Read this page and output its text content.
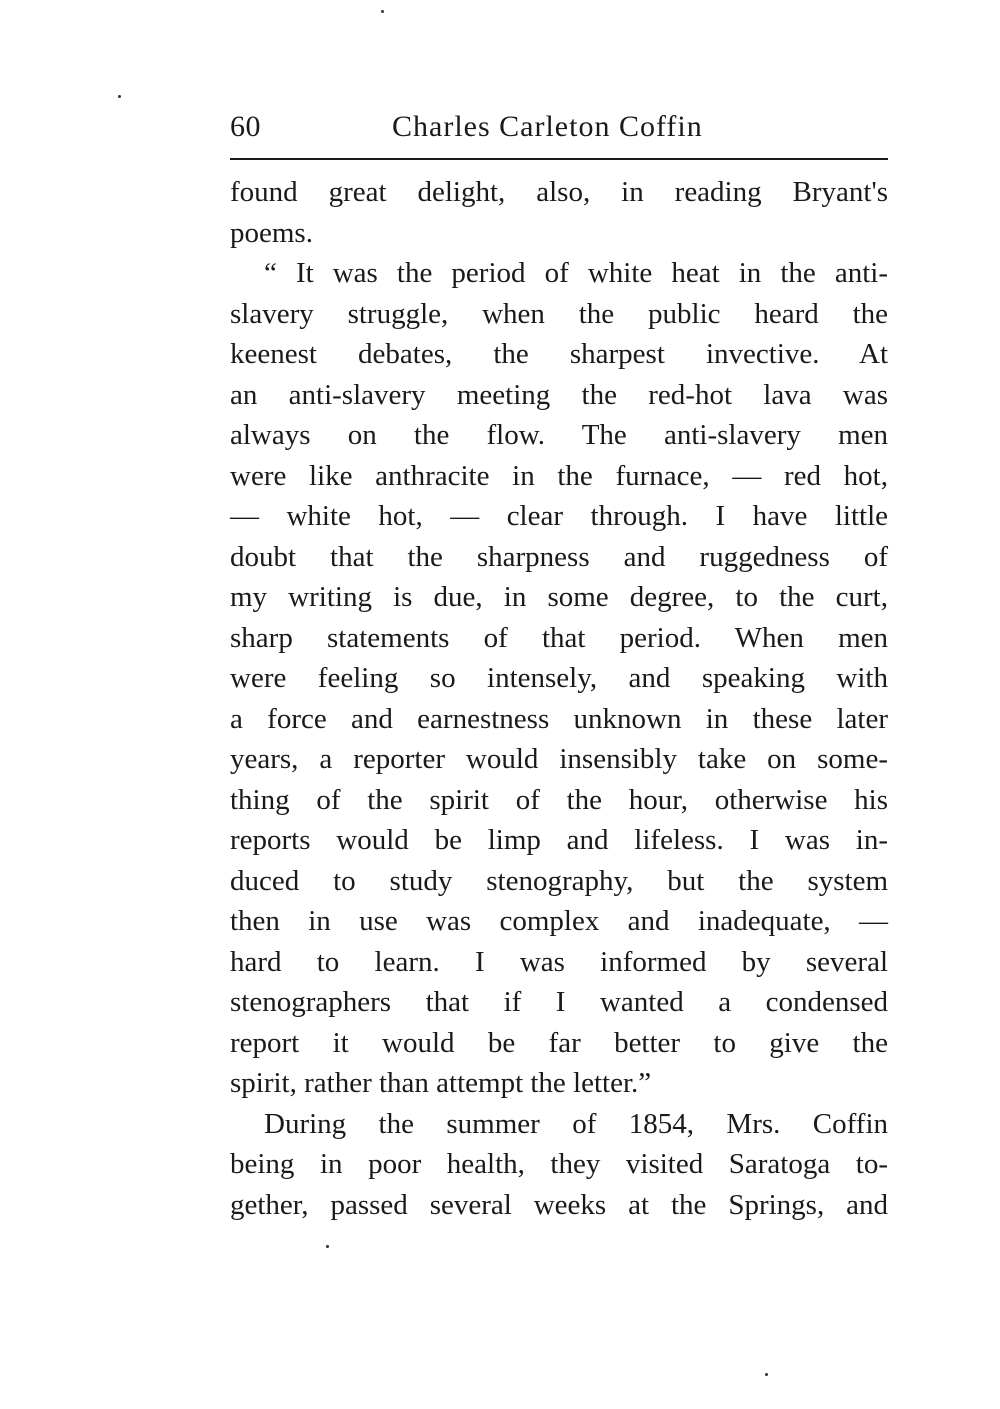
60	Charles Carleton Coffin
found great delight, also, in reading Bryant's
poems.
“ It was the period of white heat in the anti-
slavery struggle, when the public heard the
keenest debates, the sharpest invective. At
an anti-slavery meeting the red-hot lava was
always on the flow. The anti-slavery men
were like anthracite in the furnace, — red hot,
— white hot, — clear through. I have little
doubt that the sharpness and ruggedness of
my writing is due, in some degree, to the curt,
sharp statements of that period. When men
were feeling so intensely, and speaking with
a force and earnestness unknown in these later
years, a reporter would insensibly take on some-
thing of the spirit of the hour, otherwise his
reports would be limp and lifeless. I was in-
duced to study stenography, but the system
then in use was complex and inadequate, —
hard to learn. I was informed by several
stenographers that if I wanted a condensed
report it would be far better to give the
spirit, rather than attempt the letter.”
During the summer of 1854, Mrs. Coffin
being in poor health, they visited Saratoga to-
gether, passed several weeks at the Springs, and
